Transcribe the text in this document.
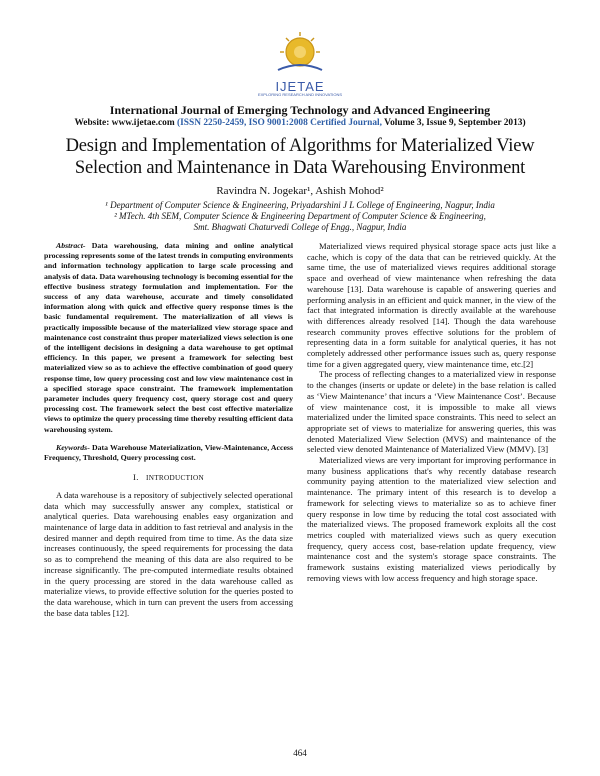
IJETAE
EXPLORING RESEARCH AND INNOVATIONS
International Journal of Emerging Technology and Advanced Engineering
Website: www.ijetae.com (ISSN 2250-2459, ISO 9001:2008 Certified Journal, Volume 3, Issue 9, September 2013)
Design and Implementation of Algorithms for Materialized View Selection and Maintenance in Data Warehousing Environment
Ravindra N. Jogekar¹, Ashish Mohod²
¹ Department of Computer Science & Engineering, Priyadarshini J L College of Engineering, Nagpur, India
² MTech. 4th SEM, Computer Science & Engineering Department of Computer Science & Engineering,
Smt. Bhagwati Chaturvedi College of Engg., Nagpur, India

Abstract- Data warehousing, data mining and online analytical processing represents some of the latest trends in computing environments and information technology application to large scale processing and analysis of data. Data warehousing technology is becoming essential for the effective business strategy formulation and implementation. For the success of any data warehouse, accurate and timely consolidated information along with quick and effective query response times is the basic fundamental requirement. The materialization of all views is practically impossible because of the materialized view storage space and maintenance cost constraint thus proper materialized views selection is one of the intelligent decisions in designing a data warehouse to get optimal efficiency. In this paper, we present a framework for selecting best materialized view so as to achieve the effective combination of good query response time, low query processing cost and low view maintenance cost in a specified storage space constraint. The framework implementation parameter includes query frequency cost, query storage cost and query processing cost. The framework select the best cost effective materialize views to optimize the query processing time thereby resulting efficient data warehousing system.

Keywords- Data Warehouse Materialization, View-Maintenance, Access Frequency, Threshold, Query processing cost.

I. INTRODUCTION

A data warehouse is a repository of subjectively selected operational data which may successfully answer any complex, statistical or analytical queries. Data warehousing enables easy organization and maintenance of large data in addition to fast retrieval and analysis in the desired manner and depth required from time to time. As the data size increases continuously, the speed requirements for processing the data so as to comprehend the meaning of this data are also required to be increase significantly. The pre-computed intermediate results obtained in the query processing are stored in the data warehouse called as materialize views, to provide effective solution for the queries posted to the data warehouse, which in turn can prevent the users from accessing the base data tables [12].

Materialized views required physical storage space acts just like a cache, which is copy of the data that can be retrieved quickly. At the same time, the use of materialized views requires additional storage space and overhead of view maintenance when refreshing the data warehouse [13]. Data warehouse is capable of answering queries and performing analysis in an efficient and quick manner, in the view of the fact that integrated information is directly available at the warehouse with differences already resolved [14]. Though the data warehouse research community proves effective solutions for the problem of representing data in a form suitable for analytical queries, it has not completely addressed other performance issues such as, query response time for a given aggregated query, view maintenance time, etc.[2]

The process of reflecting changes to a materialized view in response to the changes (inserts or update or delete) in the base relation is called as ‘View Maintenance’ that incurs a ‘View Maintenance Cost’. Because of view maintenance cost, it is impossible to make all views materialized under the limited space constraints. This need to select an appropriate set of views to materialize for answering queries, this was denoted Materialized View Selection (MVS) and maintenance of the selected view denoted Maintenance of Materialized View (MMV). [3]

Materialized views are very important for improving performance in many business applications that's why recently database research community paying attention to the materialized view selection and maintenance. The primary intent of this research is to develop a framework for selecting views to materialize so as to achieve finer query response in low time by reducing the total cost associated with the materialized views. The proposed framework exploits all the cost metrics coupled with materialized views such as query execution frequency, query access cost, base-relation update frequency, view maintenance cost and the system's storage space constraints. The framework sustains existing materialized views periodically by removing views with low access frequency and high storage space.

464
